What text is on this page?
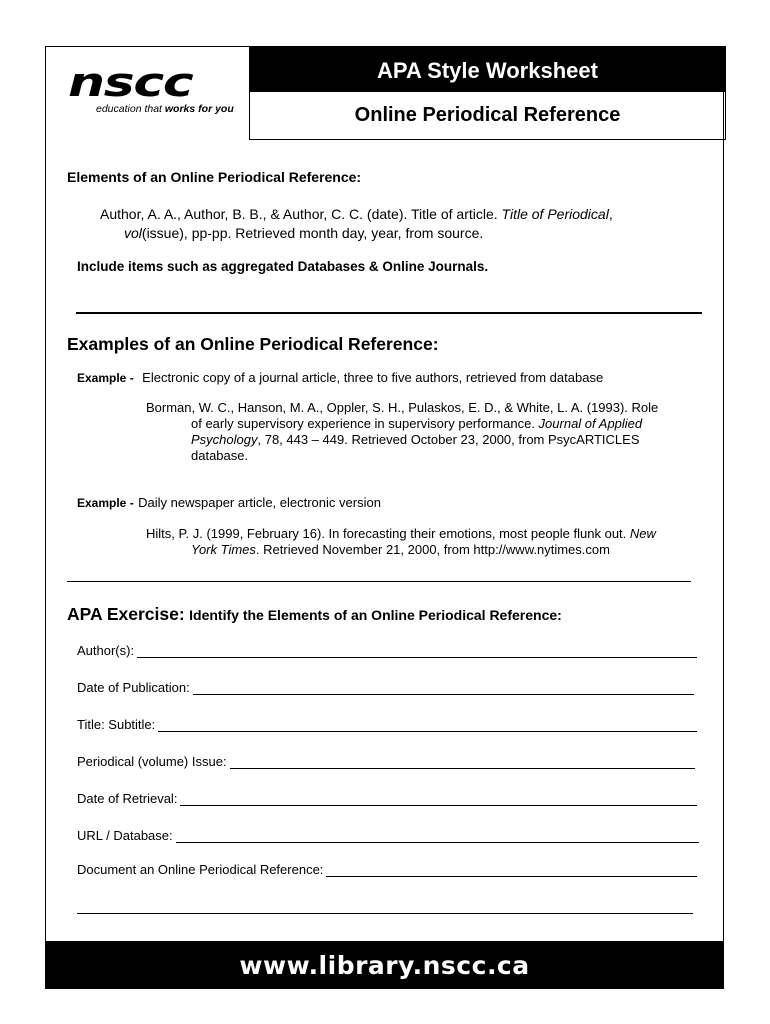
nscc
education that works for you
APA Style Worksheet
Online Periodical Reference
Elements of an Online Periodical Reference:
Author, A. A., Author, B. B., & Author, C. C. (date). Title of article. Title of Periodical,
vol(issue), pp-pp. Retrieved month day, year, from source.
Include items such as aggregated Databases & Online Journals.
Examples of an Online Periodical Reference:
Example - Electronic copy of a journal article, three to five authors, retrieved from database
Borman, W. C., Hanson, M. A., Oppler, S. H., Pulaskos, E. D., & White, L. A. (1993). Role
of early supervisory experience in supervisory performance. Journal of Applied
Psychology, 78, 443 – 449. Retrieved October 23, 2000, from PsycARTICLES
database.
Example - Daily newspaper article, electronic version
Hilts, P. J. (1999, February 16). In forecasting their emotions, most people flunk out. New
York Times. Retrieved November 21, 2000, from http://www.nytimes.com
APA Exercise: Identify the Elements of an Online Periodical Reference:
Author(s):
Date of Publication:
Title: Subtitle:
Periodical (volume) Issue:
Date of Retrieval:
URL / Database:
Document an Online Periodical Reference:
www.library.nscc.ca
